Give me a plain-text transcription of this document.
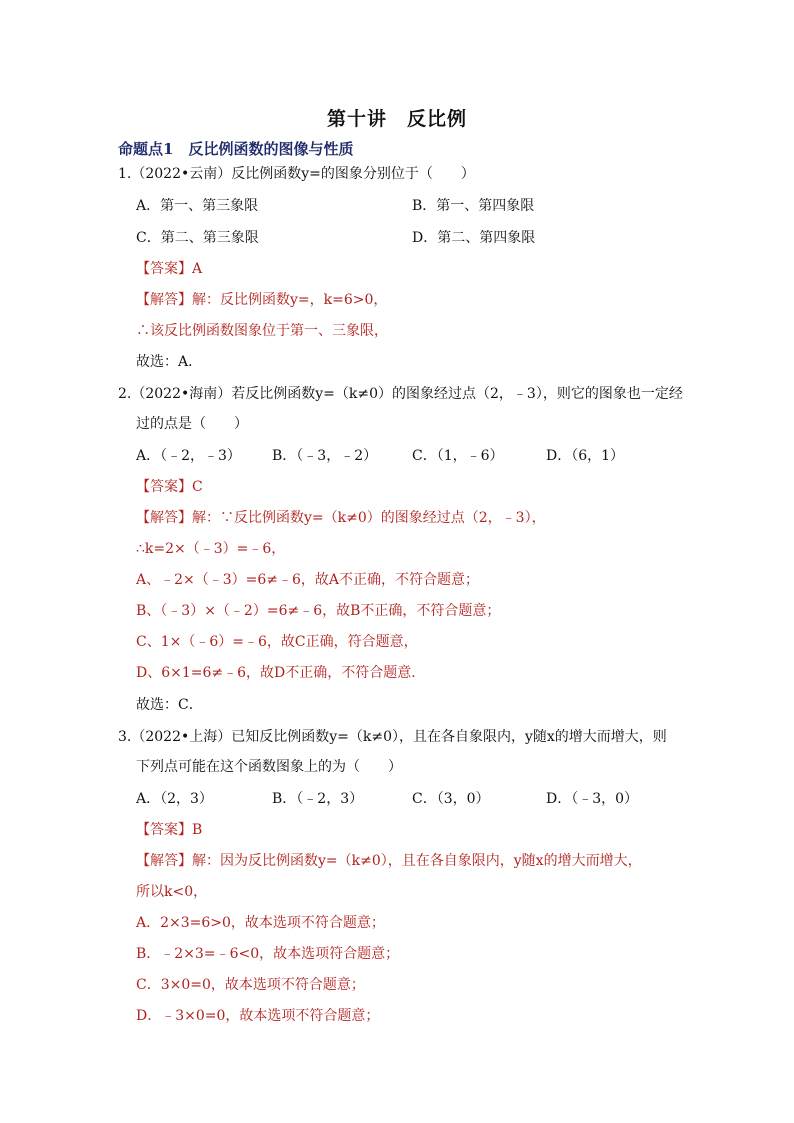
第十讲　反比例
命题点1　反比例函数的图像与性质
1.（2022•云南）反比例函数y=的图象分别位于（　　）
A．第一、第三象限	B．第一、第四象限
C．第二、第三象限	D．第二、第四象限
【答案】A
【解答】解：反比例函数y=，k=6>0，
∴该反比例函数图象位于第一、三象限，
故选：A．
2.（2022•海南）若反比例函数y=（k≠0）的图象经过点（2，﹣3），则它的图象也一定经
过的点是（　　）
A．（﹣2，﹣3） B．（﹣3，﹣2） C．（1，﹣6）	D．（6，1）
【答案】C
【解答】解：∵反比例函数y=（k≠0）的图象经过点（2，﹣3），
∴k=2×（﹣3）=﹣6，
A、﹣2×（﹣3）=6≠﹣6，故A不正确，不符合题意；
B、（﹣3）×（﹣2）=6≠﹣6，故B不正确，不符合题意；
C、1×（﹣6）=﹣6，故C正确，符合题意，
D、6×1=6≠﹣6，故D不正确，不符合题意．
故选：C．
3.（2022•上海）已知反比例函数y=（k≠0），且在各自象限内，y随x的增大而增大，则
下列点可能在这个函数图象上的为（　　）
A．（2，3）	B．（﹣2，3）	C．（3，0）	D．（﹣3，0）
【答案】B
【解答】解：因为反比例函数y=（k≠0），且在各自象限内，y随x的增大而增大，
所以k<0，
A．2×3=6>0，故本选项不符合题意；
B．﹣2×3=﹣6<0，故本选项符合题意；
C．3×0=0，故本选项不符合题意；
D．﹣3×0=0，故本选项不符合题意；
